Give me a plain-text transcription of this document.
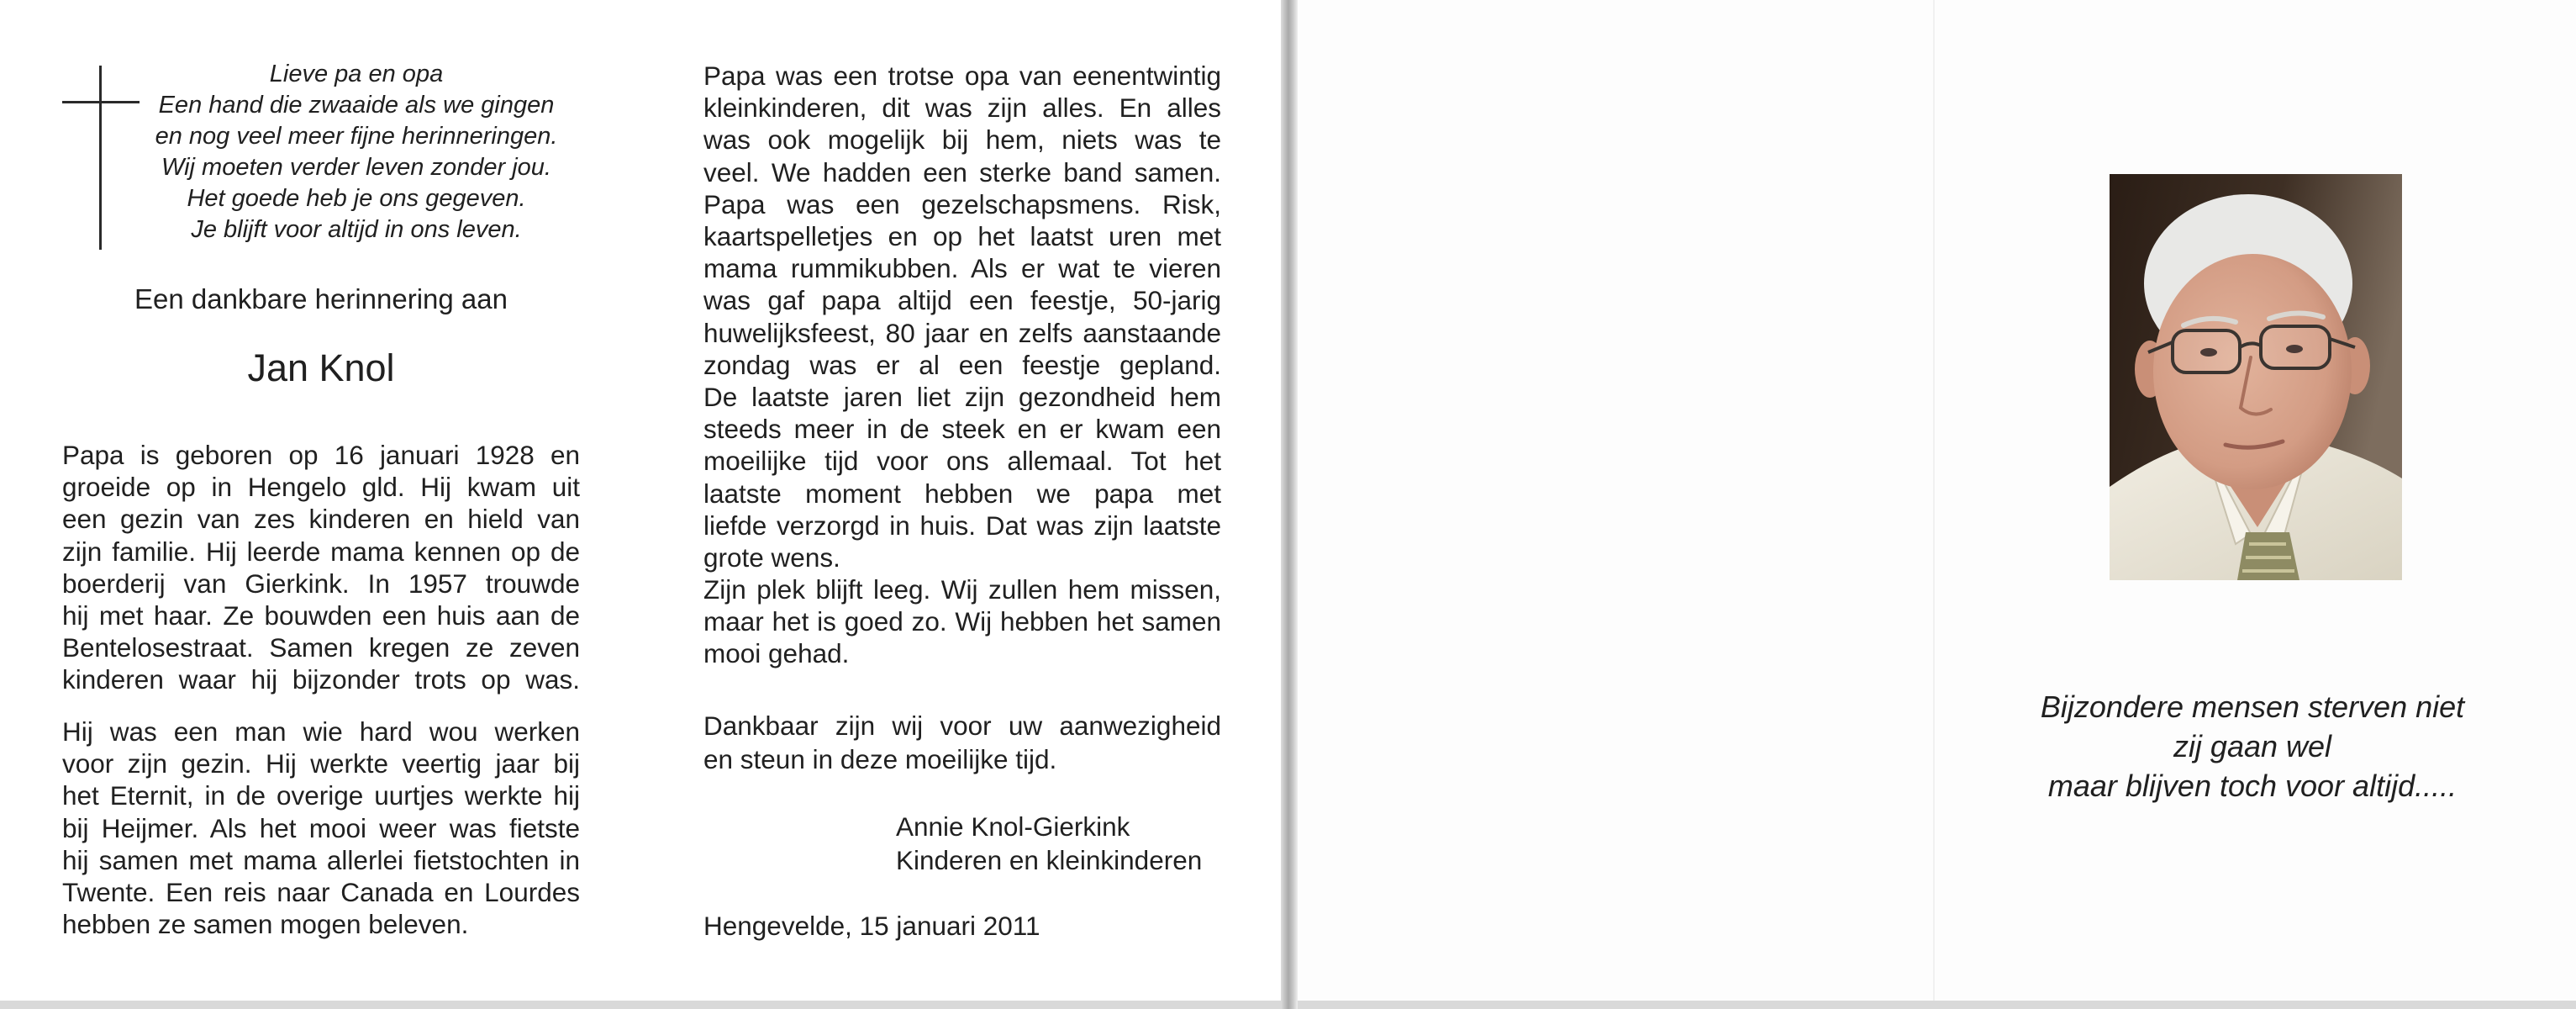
Lieve pa en opa
Een hand die zwaaide als we gingen
en nog veel meer fijne herinneringen.
Wij moeten verder leven zonder jou.
Het goede heb je ons gegeven.
Je blijft voor altijd in ons leven.
Een dankbare herinnering aan
Jan Knol
Papa is geboren op 16 januari 1928 en
groeide op in Hengelo gld. Hij kwam uit
een gezin van zes kinderen en hield van
zijn familie. Hij leerde mama kennen op de
boerderij van Gierkink. In 1957 trouwde
hij met haar. Ze bouwden een huis aan de
Bentelosestraat. Samen kregen ze zeven
kinderen waar hij bijzonder trots op was.
Hij was een man wie hard wou werken
voor zijn gezin. Hij werkte veertig jaar bij
het Eternit, in de overige uurtjes werkte hij
bij Heijmer. Als het mooi weer was fietste
hij samen met mama allerlei fietstochten in
Twente. Een reis naar Canada en Lourdes
hebben ze samen mogen beleven.
Papa was een trotse opa van eenentwintig
kleinkinderen, dit was zijn alles. En alles
was ook mogelijk bij hem, niets was te
veel. We hadden een sterke band samen.
Papa was een gezelschapsmens. Risk,
kaartspelletjes en op het laatst uren met
mama rummikubben. Als er wat te vieren
was gaf papa altijd een feestje, 50-jarig
huwelijksfeest, 80 jaar en zelfs aanstaande
zondag was er al een feestje gepland.
De laatste jaren liet zijn gezondheid hem
steeds meer in de steek en er kwam een
moeilijke tijd voor ons allemaal. Tot het
laatste moment hebben we papa met
liefde verzorgd in huis. Dat was zijn laatste
grote wens.
Zijn plek blijft leeg. Wij zullen hem missen,
maar het is goed zo. Wij hebben het samen
mooi gehad.
Dankbaar zijn wij voor uw aanwezigheid
en steun in deze moeilijke tijd.
Annie Knol-Gierkink
Kinderen en kleinkinderen
Hengevelde, 15 januari 2011
Bijzondere mensen sterven niet
zij gaan wel
maar blijven toch voor altijd.....
